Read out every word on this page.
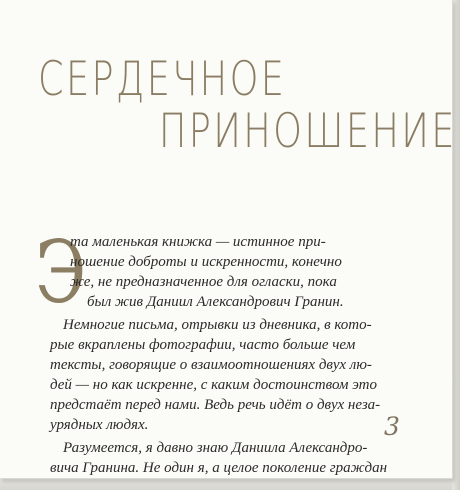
СЕРДЕЧНОЕ
ПРИНОШЕНИЕ
Э
та маленькая книжка — истинное при-
ношение доброты и искренности, конечно
же, не предназначенное для огласки, пока
был жив Даниил Александрович Гранин.
Немногие письма, отрывки из дневника, в кото-
рые вкраплены фотографии, часто больше чем
тексты, говорящие о взаимоотношениях двух лю-
дей — но как искренне, с каким достоинством это
предстаёт перед нами. Ведь речь идёт о двух неза-
урядных людях.
Разумеется, я давно знаю Даниила Александро-
вича Гранина. Не один я, а целое поколение граждан
3
